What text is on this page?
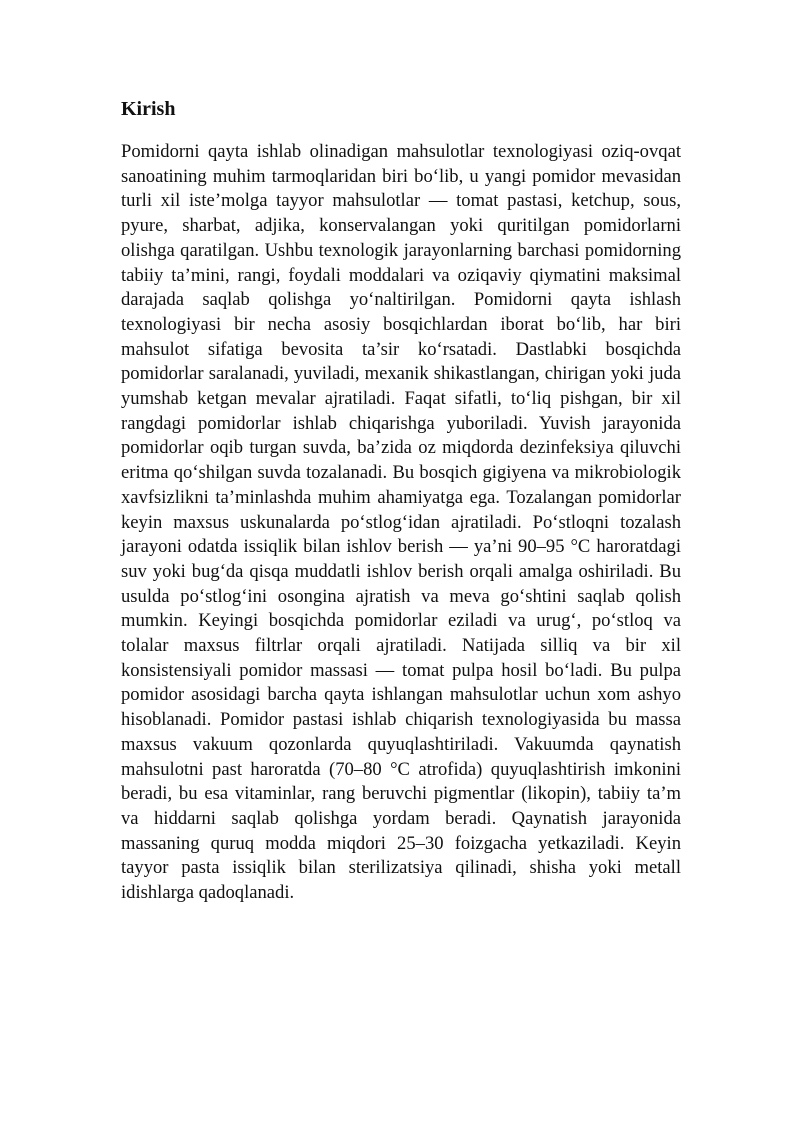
Kirish

Pomidorni qayta ishlab olinadigan mahsulotlar texnologiyasi oziq-ovqat sanoatining muhim tarmoqlaridan biri bo‘lib, u yangi pomidor mevasidan turli xil iste’molga tayyor mahsulotlar — tomat pastasi, ketchup, sous, pyure, sharbat, adjika, konservalangan yoki quritilgan pomidorlarni olishga qaratilgan. Ushbu texnologik jarayonlarning barchasi pomidorning tabiiy ta’mini, rangi, foydali moddalari va oziqaviy qiymatini maksimal darajada saqlab qolishga yo‘naltirilgan. Pomidorni qayta ishlash texnologiyasi bir necha asosiy bosqichlardan iborat bo‘lib, har biri mahsulot sifatiga bevosita ta’sir ko‘rsatadi. Dastlabki bosqichda pomidorlar saralanadi, yuviladi, mexanik shikastlangan, chirigan yoki juda yumshab ketgan mevalar ajratiladi. Faqat sifatli, to‘liq pishgan, bir xil rangdagi pomidorlar ishlab chiqarishga yuboriladi. Yuvish jarayonida pomidorlar oqib turgan suvda, ba’zida oz miqdorda dezinfeksiya qiluvchi eritma qo‘shilgan suvda tozalanadi. Bu bosqich gigiyena va mikrobiologik xavfsizlikni ta’minlashda muhim ahamiyatga ega. Tozalangan pomidorlar keyin maxsus uskunalarda po‘stlog‘idan ajratiladi. Po‘stloqni tozalash jarayoni odatda issiqlik bilan ishlov berish — ya’ni 90–95 °C haroratdagi suv yoki bug‘da qisqa muddatli ishlov berish orqali amalga oshiriladi. Bu usulda po‘stlog‘ini osongina ajratish va meva go‘shtini saqlab qolish mumkin. Keyingi bosqichda pomidorlar eziladi va urug‘, po‘stloq va tolalar maxsus filtrlar orqali ajratiladi. Natijada silliq va bir xil konsistensiyali pomidor massasi — tomat pulpa hosil bo‘ladi. Bu pulpa pomidor asosidagi barcha qayta ishlangan mahsulotlar uchun xom ashyo hisoblanadi. Pomidor pastasi ishlab chiqarish texnologiyasida bu massa maxsus vakuum qozonlarda quyuqlashtiriladi. Vakuumda qaynatish mahsulotni past haroratda (70–80 °C atrofida) quyuqlashtirish imkonini beradi, bu esa vitaminlar, rang beruvchi pigmentlar (likopin), tabiiy ta’m va hiddarni saqlab qolishga yordam beradi. Qaynatish jarayonida massaning quruq modda miqdori 25–30 foizgacha yetkaziladi. Keyin tayyor pasta issiqlik bilan sterilizatsiya qilinadi, shisha yoki metall idishlarga qadoqlanadi.
